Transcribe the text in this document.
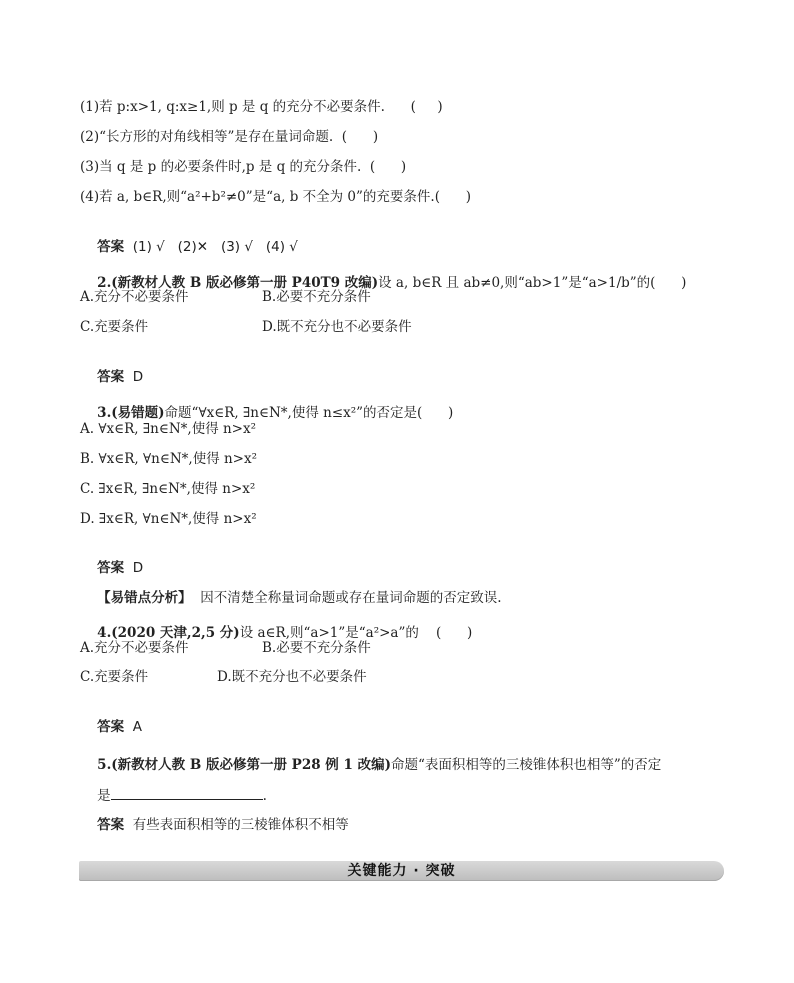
(1)若 p:x>1, q:x≥1,则 p 是 q 的充分不必要条件.      (     )
(2)“长方形的对角线相等”是存在量词命题.  (      )
(3)当 q 是 p 的必要条件时,p 是 q 的充分条件.  (      )
(4)若 a, b∈R,则“a²+b²≠0”是“a, b 不全为 0”的充要条件.(      )

答案  (1) √   (2)✕   (3) √   (4) √

2.(新教材人教 B 版必修第一册 P40T9 改编)设 a, b∈R 且 ab≠0,则“ab>1”是“a>1/b”的(      )

A.充分不必要条件	B.必要不充分条件
C.充要条件	D.既不充分也不必要条件

答案  D

3.(易错题)命题“∀x∈R, ∃n∈N*,使得 n≤x²”的否定是(      )

A. ∀x∈R, ∃n∈N*,使得 n>x²
B. ∀x∈R, ∀n∈N*,使得 n>x²
C. ∃x∈R, ∃n∈N*,使得 n>x²
D. ∃x∈R, ∀n∈N*,使得 n>x²

答案  D

【易错点分析】  因不清楚全称量词命题或存在量词命题的否定致误.

4.(2020 天津,2,5 分)设 a∈R,则“a>1”是“a²>a”的    (      )

A.充分不必要条件	B.必要不充分条件
C.充要条件	D.既不充分也不必要条件

答案  A

5.(新教材人教 B 版必修第一册 P28 例 1 改编)命题“表面积相等的三棱锥体积也相等”的否定

是	.

答案  有些表面积相等的三棱锥体积不相等

关键能力 · 突破
